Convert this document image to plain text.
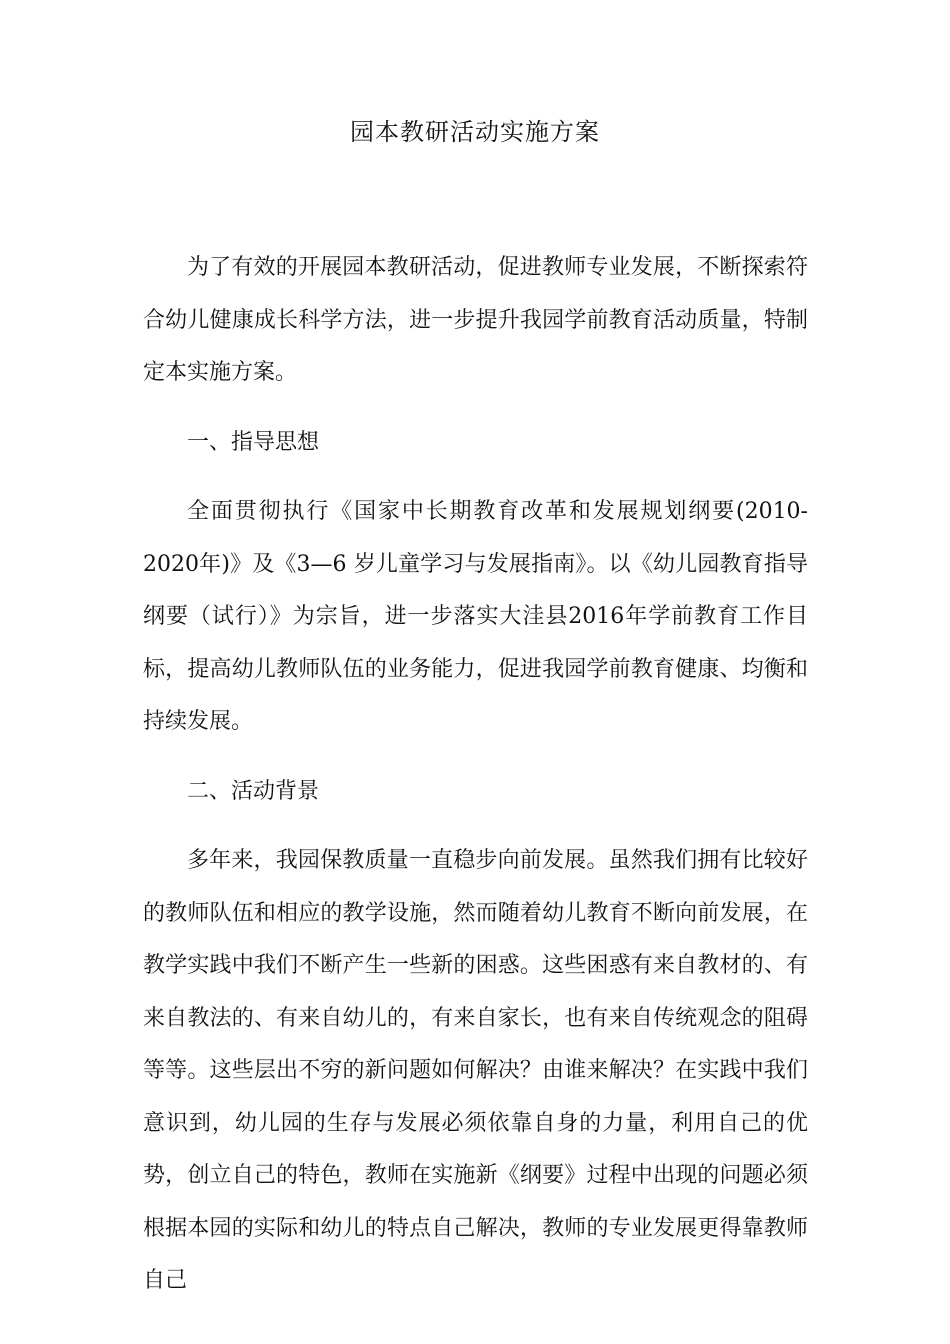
园本教研活动实施方案

为了有效的开展园本教研活动，促进教师专业发展，不断探索符合幼儿健康成长科学方法，进一步提升我园学前教育活动质量，特制定本实施方案。

一、指导思想

全面贯彻执行《国家中长期教育改革和发展规划纲要(2010-2020年)》及《3—6 岁儿童学习与发展指南》。以《幼儿园教育指导纲要（试行）》为宗旨，进一步落实大洼县2016年学前教育工作目标，提高幼儿教师队伍的业务能力，促进我园学前教育健康、均衡和持续发展。

二、活动背景

多年来，我园保教质量一直稳步向前发展。虽然我们拥有比较好的教师队伍和相应的教学设施，然而随着幼儿教育不断向前发展，在教学实践中我们不断产生一些新的困惑。这些困惑有来自教材的、有来自教法的、有来自幼儿的，有来自家长，也有来自传统观念的阻碍等等。这些层出不穷的新问题如何解决？由谁来解决？在实践中我们意识到，幼儿园的生存与发展必须依靠自身的力量，利用自己的优势，创立自己的特色，教师在实施新《纲要》过程中出现的问题必须根据本园的实际和幼儿的特点自己解决，教师的专业发展更得靠教师自己
